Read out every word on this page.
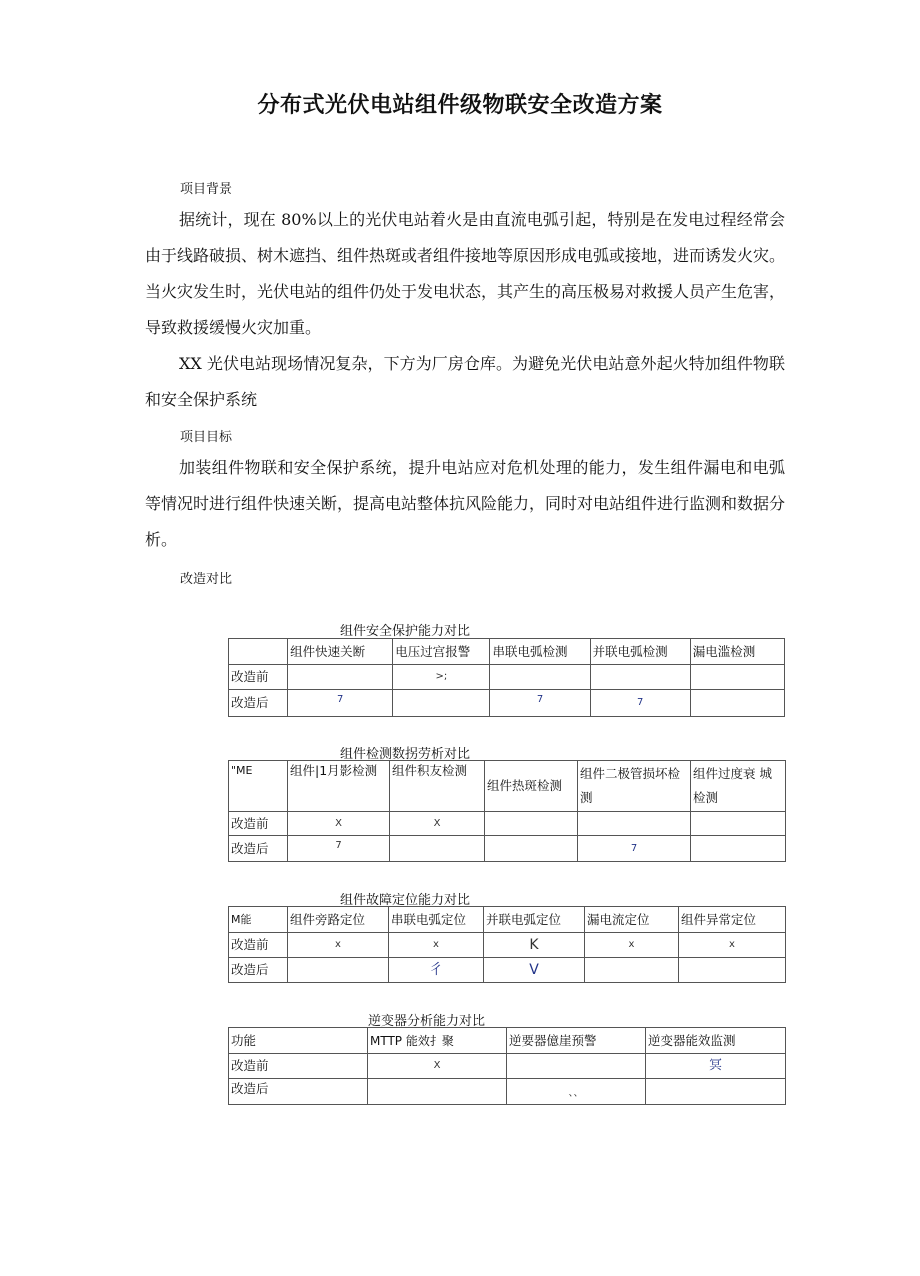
分布式光伏电站组件级物联安全改造方案
项目背景

据统计，现在 80%以上的光伏电站着火是由直流电弧引起，特别是在发电过程经常会由于线路破损、树木遮挡、组件热斑或者组件接地等原因形成电弧或接地，进而诱发火灾。当火灾发生时，光伏电站的组件仍处于发电状态，其产生的高压极易对救援人员产生危害，导致救援缓慢火灾加重。

XX 光伏电站现场情况复杂，下方为厂房仓库。为避免光伏电站意外起火特加组件物联和安全保护系统

项目目标

加装组件物联和安全保护系统，提升电站应对危机处理的能力，发生组件漏电和电弧等情况时进行组件快速关断，提高电站整体抗风险能力，同时对电站组件进行监测和数据分析。

改造对比
组件安全保护能力对比
	组件快速关断	电压过宫报警	串联电弧检测	并联电弧检测	漏电滥检测
改造前		>;			
改造后	7		7	7	
组件检测数拐劳析对比
"ME	组件|1月影检测	组件积友检测	组件热斑检测	组件二极管损坏检测	组件过度衰 城检测
改造前	X	X			
改造后	7			7	
组件故障定位能力对比
M能	组件旁路定位	串联电弧定位	并联电弧定位	漏电流定位	组件异常定位
改造前	x	x	K	x	x
改造后		彳	V		
逆变器分析能力对比
功能	MTTP 能效扌聚	逆要器億崖预警	逆变器能效监测
改造前	X		冥
改造后		、、	
